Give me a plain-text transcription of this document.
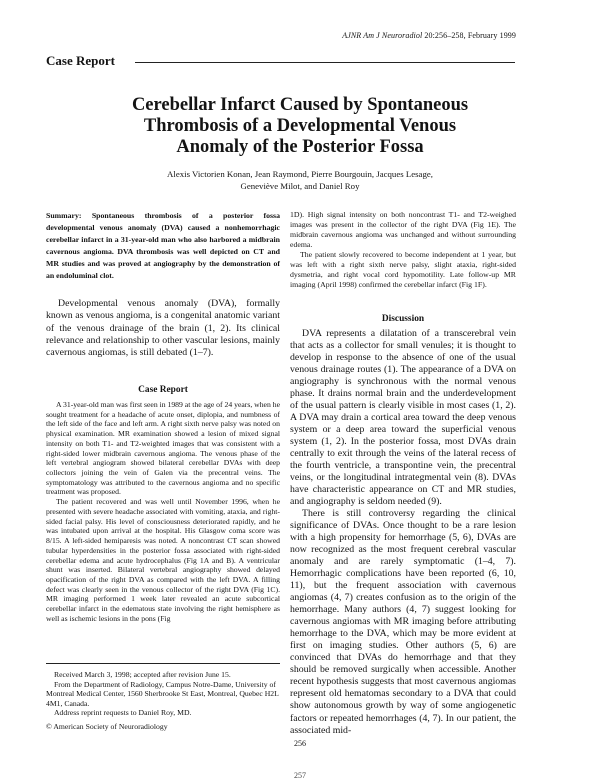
AJNR Am J Neuroradiol 20:256–258, February 1999
Case Report
Cerebellar Infarct Caused by Spontaneous
Thrombosis of a Developmental Venous
Anomaly of the Posterior Fossa
Alexis Victorien Konan, Jean Raymond, Pierre Bourgouin, Jacques Lesage,
Geneviève Milot, and Daniel Roy
Summary: Spontaneous thrombosis of a posterior fossa developmental venous anomaly (DVA) caused a nonhemorrhagic cerebellar infarct in a 31-year-old man who also harbored a midbrain cavernous angioma. DVA thrombosis was well depicted on CT and MR studies and was proved at angiography by the demonstration of an endoluminal clot.

Developmental venous anomaly (DVA), formally known as venous angioma, is a congenital anatomic variant of the venous drainage of the brain (1, 2). Its clinical relevance and relationship to other vascular lesions, mainly cavernous angiomas, is still debated (1–7).

Case Report

A 31-year-old man was first seen in 1989 at the age of 24 years, when he sought treatment for a headache of acute onset, diplopia, and numbness of the left side of the face and left arm. A right sixth nerve palsy was noted on physical examination. MR examination showed a lesion of mixed signal intensity on both T1- and T2-weighted images that was consistent with a right-sided lower midbrain cavernous angioma. The venous phase of the left vertebral angiogram showed bilateral cerebellar DVAs with deep collectors joining the vein of Galen via the precentral veins. The symptomatology was attributed to the cavernous angioma and no specific treatment was proposed.

The patient recovered and was well until November 1996, when he presented with severe headache associated with vomiting, ataxia, and right-sided facial palsy. His level of consciousness deteriorated rapidly, and he was intubated upon arrival at the hospital. His Glasgow coma score was 8/15. A left-sided hemiparesis was noted. A noncontrast CT scan showed tubular hyperdensities in the posterior fossa associated with right-sided cerebellar edema and acute hydrocephalus (Fig 1A and B). A ventricular shunt was inserted. Bilateral vertebral angiography showed delayed opacification of the right DVA as compared with the left DVA. A filling defect was clearly seen in the venous collector of the right DVA (Fig 1C). MR imaging performed 1 week later revealed an acute subcortical cerebellar infarct in the edematous state involving the right hemisphere as well as ischemic lesions in the pons (Fig

Received March 3, 1998; accepted after revision June 15.

From the Department of Radiology, Campus Notre-Dame, University of Montreal Medical Center, 1560 Sherbrooke St East, Montreal, Quebec H2L 4M1, Canada.

Address reprint requests to Daniel Roy, MD.

© American Society of Neuroradiology

1D). High signal intensity on both noncontrast T1- and T2-weighed images was present in the collector of the right DVA (Fig 1E). The midbrain cavernous angioma was unchanged and without surrounding edema.

The patient slowly recovered to become independent at 1 year, but was left with a right sixth nerve palsy, slight ataxia, right-sided dysmetria, and right vocal cord hypomotility. Late follow-up MR imaging (April 1998) confirmed the cerebellar infarct (Fig 1F).

Discussion

DVA represents a dilatation of a transcerebral vein that acts as a collector for small venules; it is thought to develop in response to the absence of one of the usual venous drainage routes (1). The appearance of a DVA on angiography is synchronous with the normal venous phase. It drains normal brain and the underdevelopment of the usual pattern is clearly visible in most cases (1, 2). A DVA may drain a cortical area toward the deep venous system or a deep area toward the superficial venous system (1, 2). In the posterior fossa, most DVAs drain centrally to exit through the veins of the lateral recess of the fourth ventricle, a transpontine vein, the precentral veins, or the longitudinal intrategmental vein (8). DVAs have characteristic appearance on CT and MR studies, and angiography is seldom needed (9).

There is still controversy regarding the clinical significance of DVAs. Once thought to be a rare lesion with a high propensity for hemorrhage (5, 6), DVAs are now recognized as the most frequent cerebral vascular anomaly and are rarely symptomatic (1–4, 7). Hemorrhagic complications have been reported (6, 10, 11), but the frequent association with cavernous angiomas (4, 7) creates confusion as to the origin of the hemorrhage. Many authors (4, 7) suggest looking for cavernous angiomas with MR imaging before attributing hemorrhage to the DVA, which may be more evident at first on imaging studies. Other authors (5, 6) are convinced that DVAs do hemorrhage and that they should be removed surgically when accessible. Another recent hypothesis suggests that most cavernous angiomas represent old hematomas secondary to a DVA that could show autonomous growth by way of some angiogenetic factors or repeated hemorrhages (4, 7). In our patient, the associated mid-

256
257
